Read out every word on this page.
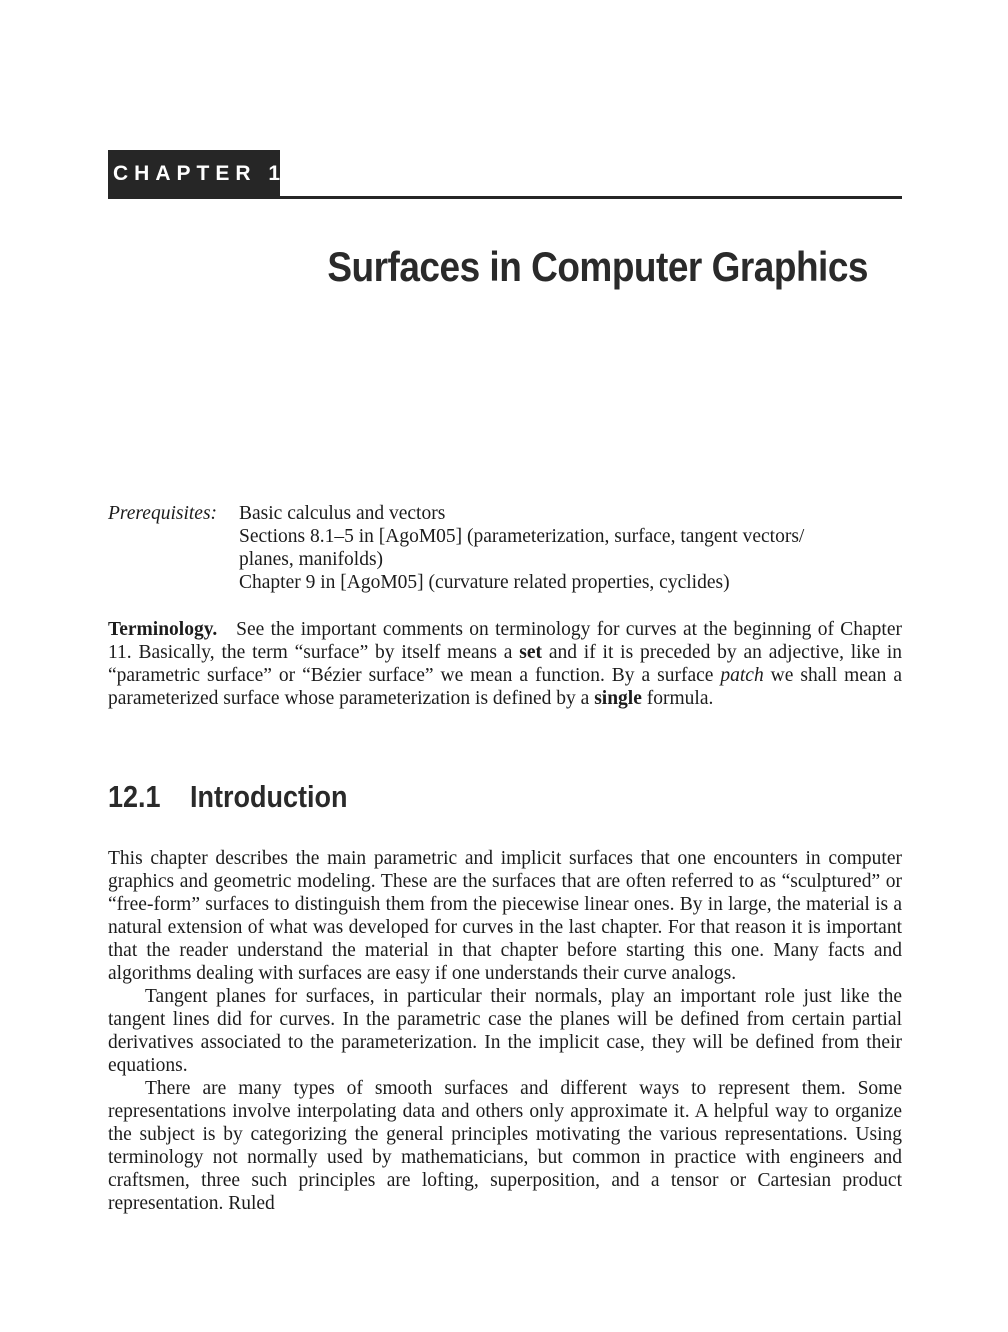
CHAPTER 12
Surfaces in Computer Graphics
Prerequisites: Basic calculus and vectors
Sections 8.1–5 in [AgoM05] (parameterization, surface, tangent vectors/
planes, manifolds)
Chapter 9 in [AgoM05] (curvature related properties, cyclides)

Terminology. See the important comments on terminology for curves at the beginning of Chapter 11. Basically, the term “surface” by itself means a set and if it is preceded by an adjective, like in “parametric surface” or “Bézier surface” we mean a function. By a surface patch we shall mean a parameterized surface whose parameterization is defined by a single formula.

12.1 Introduction

This chapter describes the main parametric and implicit surfaces that one encounters in computer graphics and geometric modeling. These are the surfaces that are often referred to as “sculptured” or “free-form” surfaces to distinguish them from the piecewise linear ones. By in large, the material is a natural extension of what was developed for curves in the last chapter. For that reason it is important that the reader understand the material in that chapter before starting this one. Many facts and algorithms dealing with surfaces are easy if one understands their curve analogs.

Tangent planes for surfaces, in particular their normals, play an important role just like the tangent lines did for curves. In the parametric case the planes will be defined from certain partial derivatives associated to the parameterization. In the implicit case, they will be defined from their equations.

There are many types of smooth surfaces and different ways to represent them. Some representations involve interpolating data and others only approximate it. A helpful way to organize the subject is by categorizing the general principles motivating the various representations. Using terminology not normally used by mathematicians, but common in practice with engineers and craftsmen, three such principles are lofting, superposition, and a tensor or Cartesian product representation. Ruled
